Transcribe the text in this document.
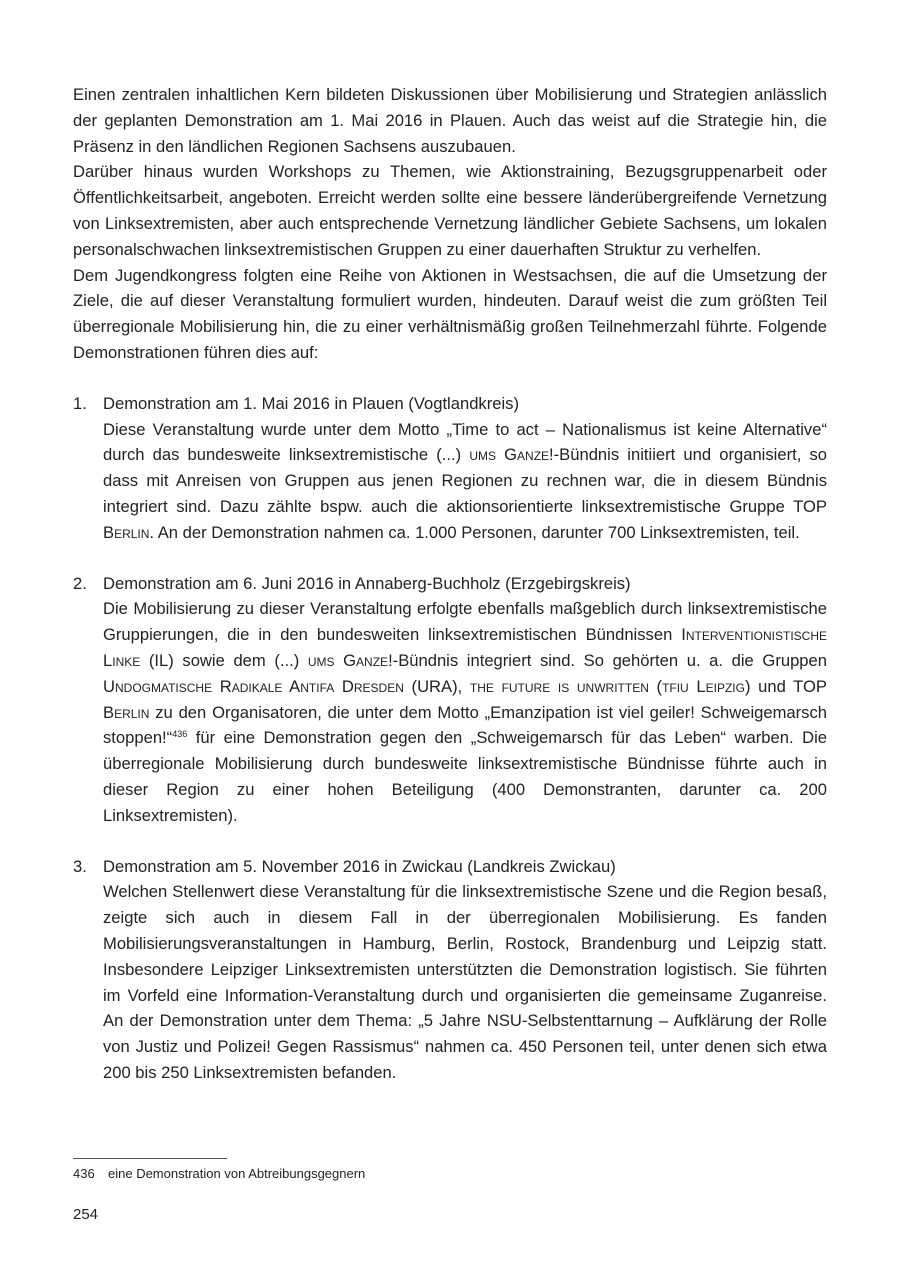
Einen zentralen inhaltlichen Kern bildeten Diskussionen über Mobilisierung und Strategien anlässlich der geplanten Demonstration am 1. Mai 2016 in Plauen. Auch das weist auf die Strategie hin, die Präsenz in den ländlichen Regionen Sachsens auszubauen.

Darüber hinaus wurden Workshops zu Themen, wie Aktionstraining, Bezugsgruppenarbeit oder Öffentlichkeitsarbeit, angeboten. Erreicht werden sollte eine bessere länderübergreifende Vernetzung von Linksextremisten, aber auch entsprechende Vernetzung ländlicher Gebiete Sachsens, um lokalen personalschwachen linksextremistischen Gruppen zu einer dauerhaften Struktur zu verhelfen.

Dem Jugendkongress folgten eine Reihe von Aktionen in Westsachsen, die auf die Umsetzung der Ziele, die auf dieser Veranstaltung formuliert wurden, hindeuten. Darauf weist die zum größten Teil überregionale Mobilisierung hin, die zu einer verhältnismäßig großen Teilnehmerzahl führte. Folgende Demonstrationen führen dies auf:

1. Demonstration am 1. Mai 2016 in Plauen (Vogtlandkreis)

Diese Veranstaltung wurde unter dem Motto „Time to act – Nationalismus ist keine Alternative“ durch das bundesweite linksextremistische (...) ums Ganze!-Bündnis initiiert und organisiert, so dass mit Anreisen von Gruppen aus jenen Regionen zu rechnen war, die in diesem Bündnis integriert sind. Dazu zählte bspw. auch die aktionsorientierte linksextremistische Gruppe TOP Berlin. An der Demonstration nahmen ca. 1.000 Personen, darunter 700 Linksextremisten, teil.

2. Demonstration am 6. Juni 2016 in Annaberg-Buchholz (Erzgebirgskreis)

Die Mobilisierung zu dieser Veranstaltung erfolgte ebenfalls maßgeblich durch linksextremistische Gruppierungen, die in den bundesweiten linksextremistischen Bündnissen Interventionistische Linke (IL) sowie dem (...) ums Ganze!-Bündnis integriert sind. So gehörten u. a. die Gruppen Undogmatische Radikale Antifa Dresden (URA), the future is unwritten (tfiu Leipzig) und TOP Berlin zu den Organisatoren, die unter dem Motto „Emanzipation ist viel geiler! Schweigemarsch stoppen!“$^{436}$ für eine Demonstration gegen den „Schweigemarsch für das Leben“ warben. Die überregionale Mobilisierung durch bundesweite linksextremistische Bündnisse führte auch in dieser Region zu einer hohen Beteiligung (400 Demonstranten, darunter ca. 200 Linksextremisten).

3. Demonstration am 5. November 2016 in Zwickau (Landkreis Zwickau)

Welchen Stellenwert diese Veranstaltung für die linksextremistische Szene und die Region besaß, zeigte sich auch in diesem Fall in der überregionalen Mobilisierung. Es fanden Mobilisierungsveranstaltungen in Hamburg, Berlin, Rostock, Brandenburg und Leipzig statt. Insbesondere Leipziger Linksextremisten unterstützten die Demonstration logistisch. Sie führten im Vorfeld eine Information-Veranstaltung durch und organisierten die gemeinsame Zuganreise. An der Demonstration unter dem Thema: „5 Jahre NSU-Selbstenttarnung – Aufklärung der Rolle von Justiz und Polizei! Gegen Rassismus“ nahmen ca. 450 Personen teil, unter denen sich etwa 200 bis 250 Linksextremisten befanden.

436 eine Demonstration von Abtreibungsgegnern
254
